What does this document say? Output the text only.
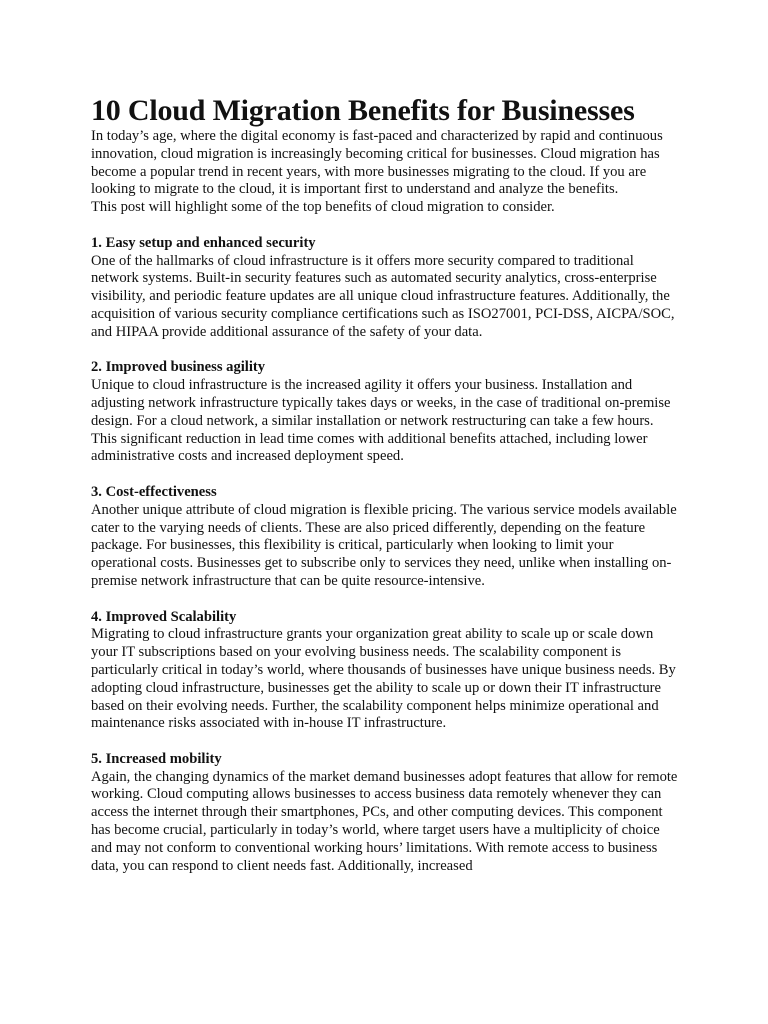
10 Cloud Migration Benefits for Businesses

In today’s age, where the digital economy is fast-paced and characterized by rapid and continuous innovation, cloud migration is increasingly becoming critical for businesses. Cloud migration has become a popular trend in recent years, with more businesses migrating to the cloud. If you are looking to migrate to the cloud, it is important first to understand and analyze the benefits.

This post will highlight some of the top benefits of cloud migration to consider.

1. Easy setup and enhanced security

One of the hallmarks of cloud infrastructure is it offers more security compared to traditional network systems. Built-in security features such as automated security analytics, cross-enterprise visibility, and periodic feature updates are all unique cloud infrastructure features. Additionally, the acquisition of various security compliance certifications such as ISO27001, PCI-DSS, AICPA/SOC, and HIPAA provide additional assurance of the safety of your data.

2. Improved business agility

Unique to cloud infrastructure is the increased agility it offers your business. Installation and adjusting network infrastructure typically takes days or weeks, in the case of traditional on-premise design. For a cloud network, a similar installation or network restructuring can take a few hours. This significant reduction in lead time comes with additional benefits attached, including lower administrative costs and increased deployment speed.

3. Cost-effectiveness

Another unique attribute of cloud migration is flexible pricing. The various service models available cater to the varying needs of clients. These are also priced differently, depending on the feature package. For businesses, this flexibility is critical, particularly when looking to limit your operational costs. Businesses get to subscribe only to services they need, unlike when installing on-premise network infrastructure that can be quite resource-intensive.

4. Improved Scalability

Migrating to cloud infrastructure grants your organization great ability to scale up or scale down your IT subscriptions based on your evolving business needs. The scalability component is particularly critical in today’s world, where thousands of businesses have unique business needs. By adopting cloud infrastructure, businesses get the ability to scale up or down their IT infrastructure based on their evolving needs. Further, the scalability component helps minimize operational and maintenance risks associated with in-house IT infrastructure.

5. Increased mobility

Again, the changing dynamics of the market demand businesses adopt features that allow for remote working. Cloud computing allows businesses to access business data remotely whenever they can access the internet through their smartphones, PCs, and other computing devices. This component has become crucial, particularly in today’s world, where target users have a multiplicity of choice and may not conform to conventional working hours’ limitations. With remote access to business data, you can respond to client needs fast. Additionally, increased
